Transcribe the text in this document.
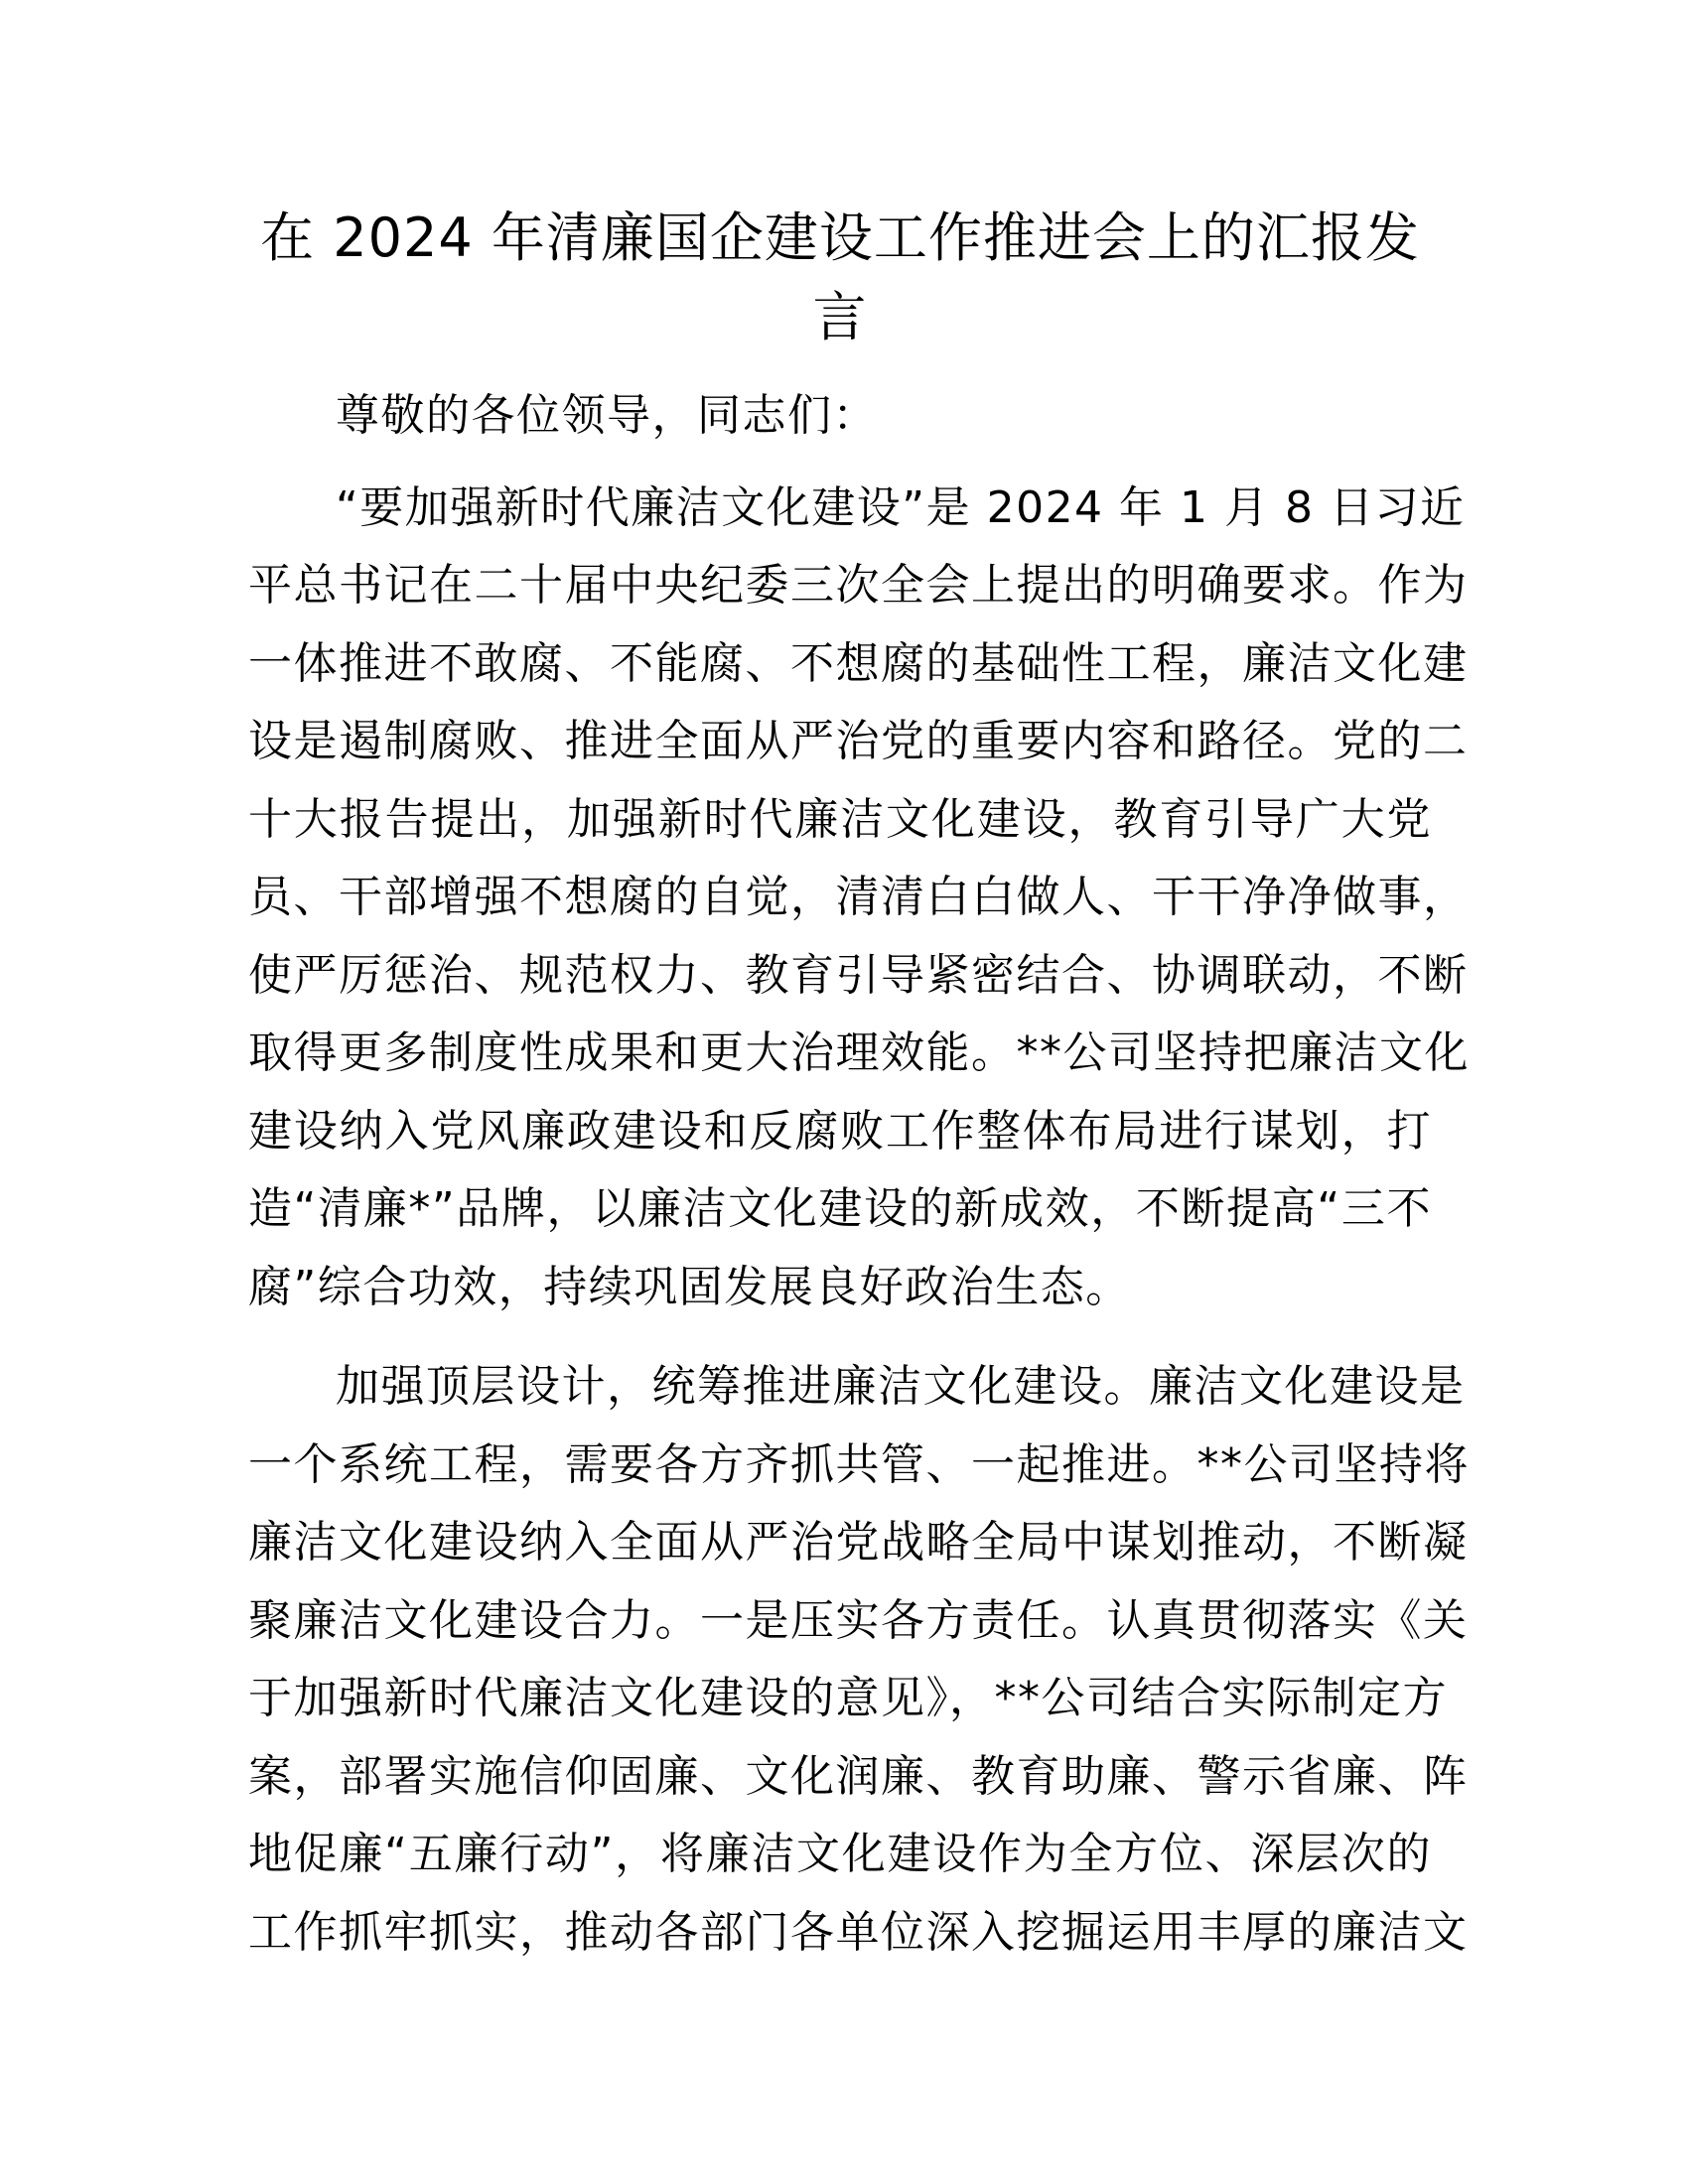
在 2024 年清廉国企建设工作推进会上的汇报发
言

尊敬的各位领导，同志们：

“要加强新时代廉洁文化建设”是 2024 年 1 月 8 日习近
平总书记在二十届中央纪委三次全会上提出的明确要求。作为
一体推进不敢腐、不能腐、不想腐的基础性工程，廉洁文化建
设是遏制腐败、推进全面从严治党的重要内容和路径。党的二
十大报告提出，加强新时代廉洁文化建设，教育引导广大党
员、干部增强不想腐的自觉，清清白白做人、干干净净做事，
使严厉惩治、规范权力、教育引导紧密结合、协调联动，不断
取得更多制度性成果和更大治理效能。**公司坚持把廉洁文化
建设纳入党风廉政建设和反腐败工作整体布局进行谋划，打
造“清廉*”品牌，以廉洁文化建设的新成效，不断提高“三不
腐”综合功效，持续巩固发展良好政治生态。
加强顶层设计，统筹推进廉洁文化建设。廉洁文化建设是
一个系统工程，需要各方齐抓共管、一起推进。**公司坚持将
廉洁文化建设纳入全面从严治党战略全局中谋划推动，不断凝
聚廉洁文化建设合力。一是压实各方责任。认真贯彻落实《关
于加强新时代廉洁文化建设的意见》，**公司结合实际制定方
案，部署实施信仰固廉、文化润廉、教育助廉、警示省廉、阵
地促廉“五廉行动”，将廉洁文化建设作为全方位、深层次的
工作抓牢抓实，推动各部门各单位深入挖掘运用丰厚的廉洁文
